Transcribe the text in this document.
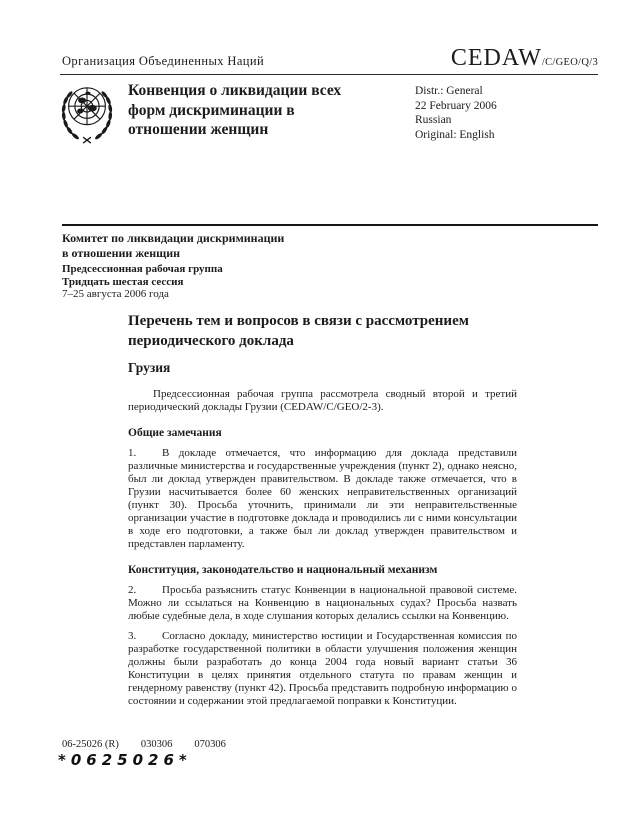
Организация Объединенных Наций	CEDAW /C/GEO/Q/3
Конвенция о ликвидации всех форм дискриминации в отношении женщин
Distr.: General
22 February 2006
Russian
Original: English
Комитет по ликвидации дискриминации
в отношении женщин
Предсессионная рабочая группа
Тридцать шестая сессия
7–25 августа 2006 года
Перечень тем и вопросов в связи с рассмотрением периодического доклада
Грузия

Предсессионная рабочая группа рассмотрела сводный второй и третий периодический доклады Грузии (CEDAW/C/GEO/2-3).

Общие замечания

1. В докладе отмечается, что информацию для доклада представили различные министерства и государственные учреждения (пункт 2), однако неясно, был ли доклад утвержден правительством. В докладе также отмечается, что в Грузии насчитывается более 60 женских неправительственных организаций (пункт 30). Просьба уточнить, принимали ли эти неправительственные организации участие в подготовке доклада и проводились ли с ними консультации в ходе его подготовки, а также был ли доклад утвержден правительством и представлен парламенту.

Конституция, законодательство и национальный механизм

2. Просьба разъяснить статус Конвенции в национальной правовой системе. Можно ли ссылаться на Конвенцию в национальных судах? Просьба назвать любые судебные дела, в ходе слушания которых делались ссылки на Конвенцию.

3. Согласно докладу, министерство юстиции и Государственная комиссия по разработке государственной политики в области улучшения положения женщин должны были разработать до конца 2004 года новый вариант статьи 36 Конституции в целях принятия отдельного статута по правам женщин и гендерному равенству (пункт 42). Просьба представить подробную информацию о состоянии и содержании этой предлагаемой поправки к Конституции.

06-25026 (R) 030306 070306
*0625026*
